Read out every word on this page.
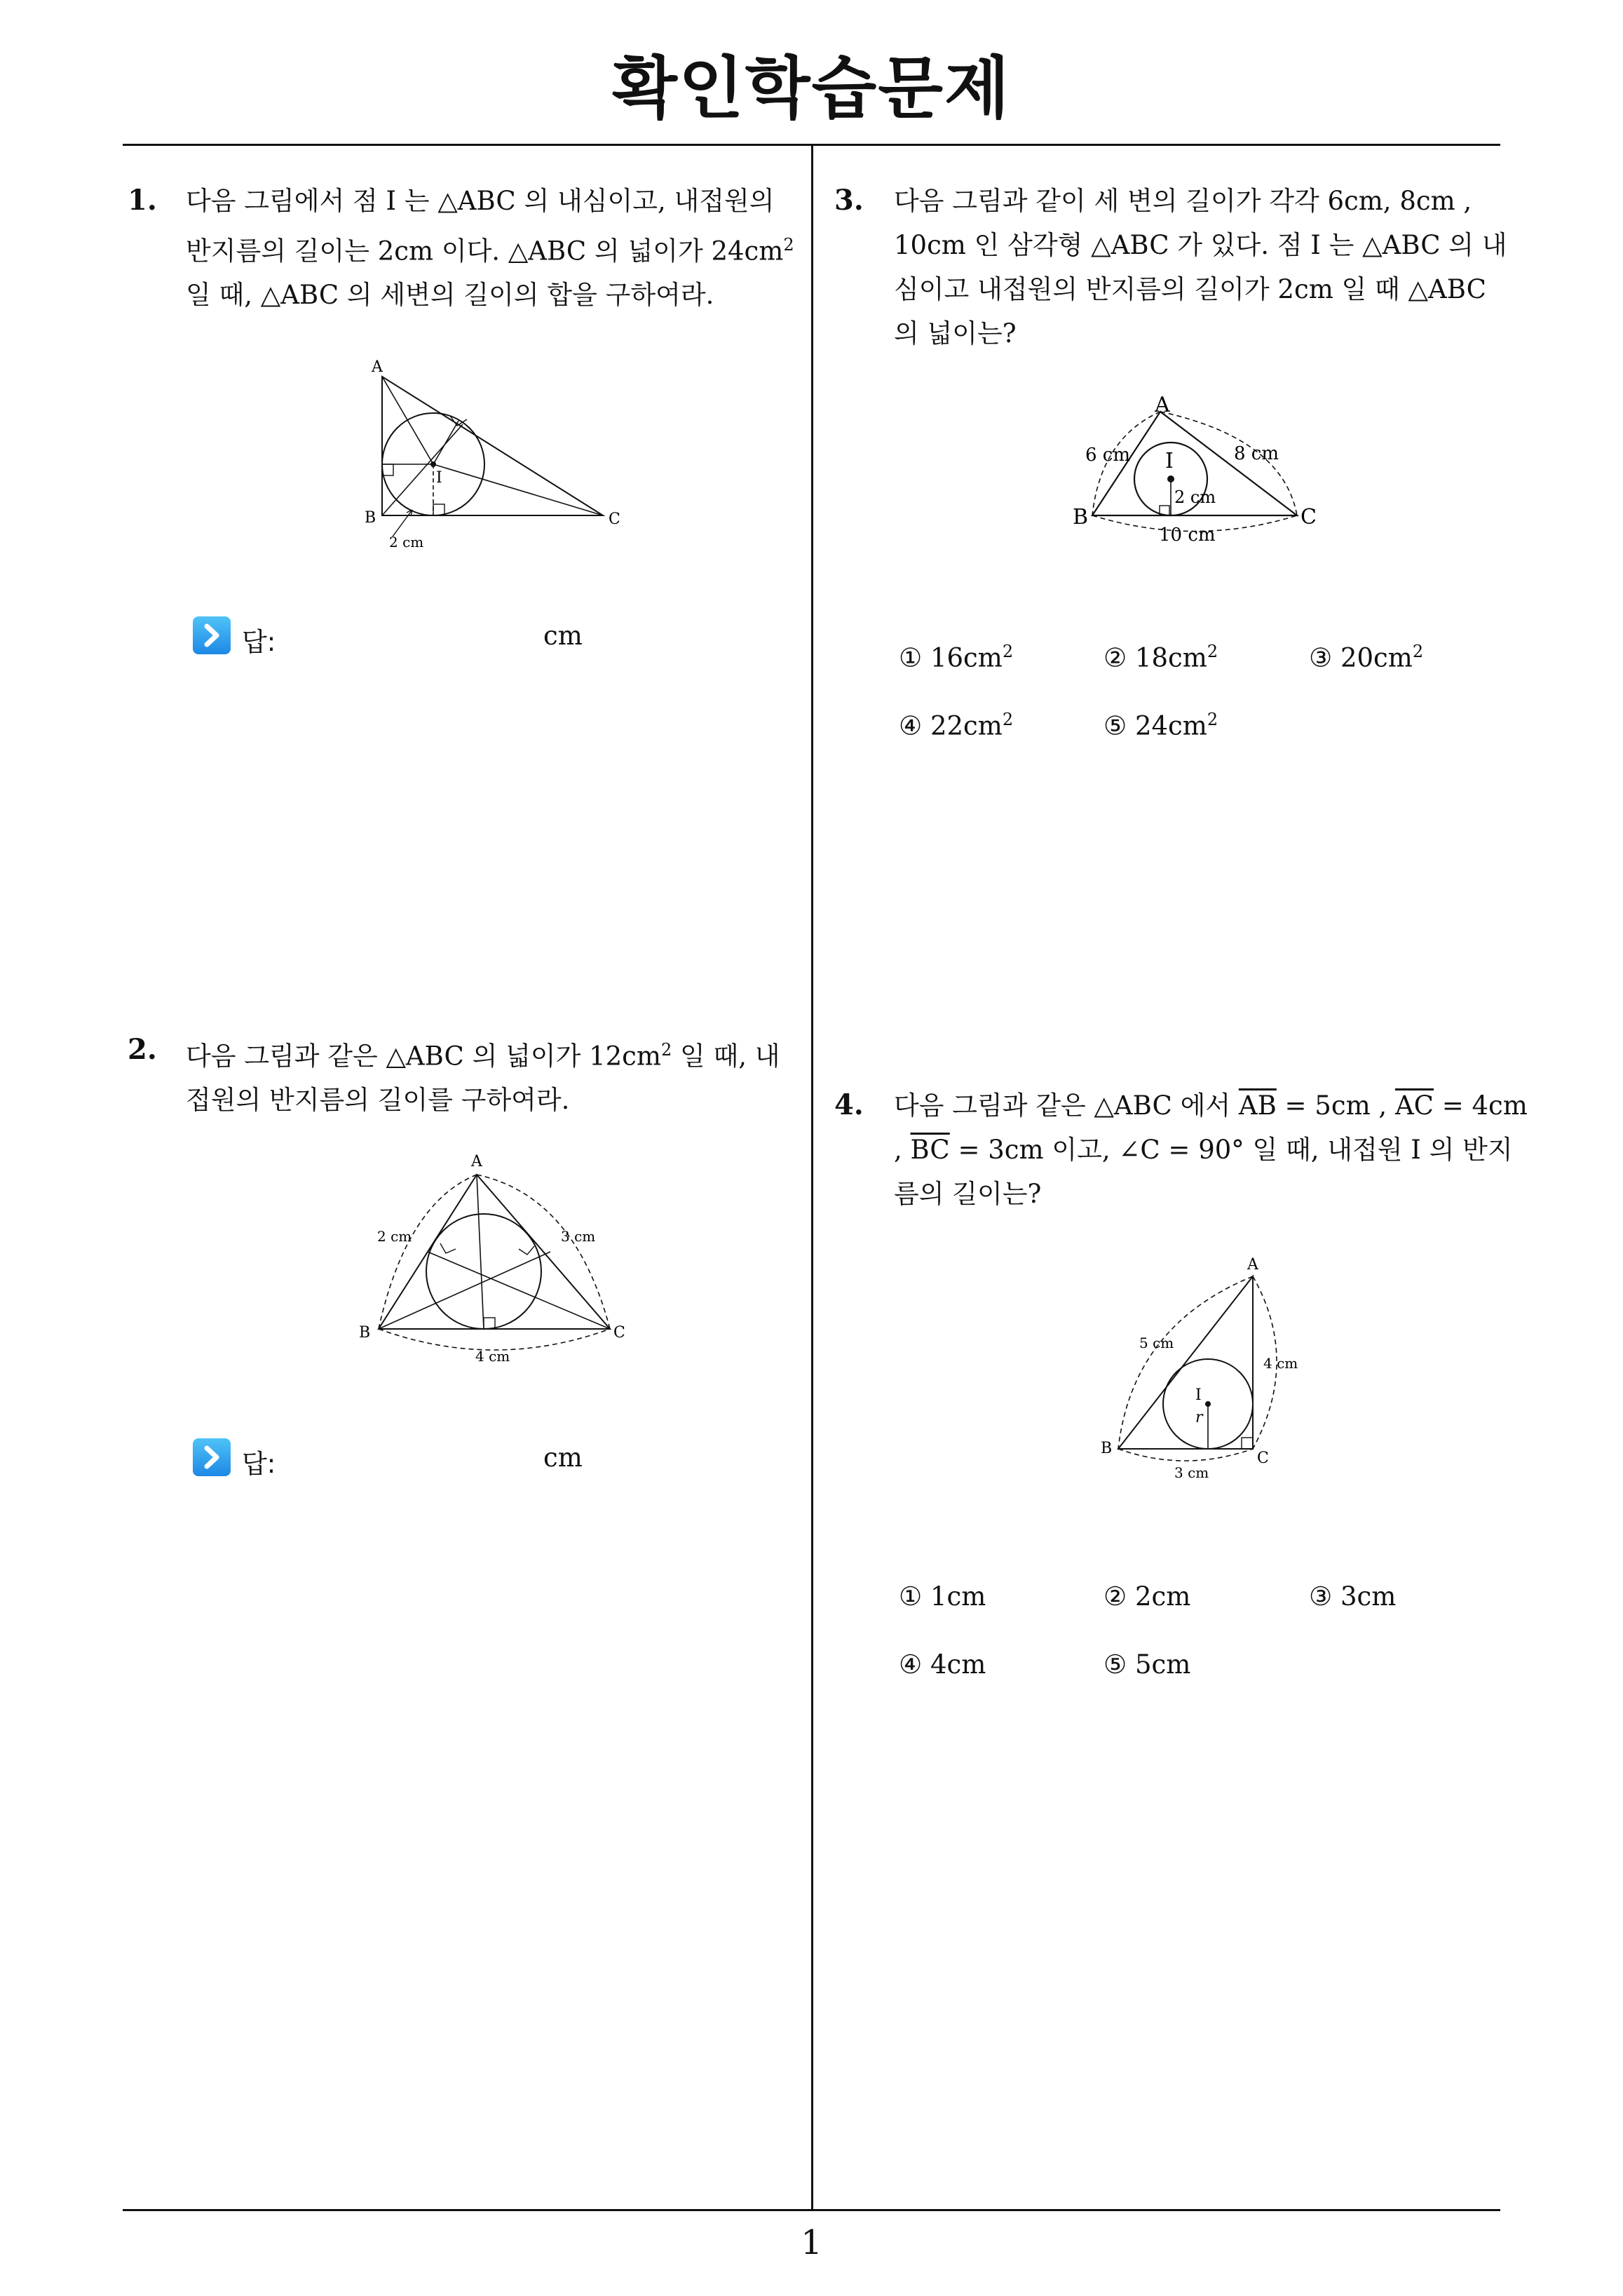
확인학습문제
1. 다음 그림에서 점 I 는 △ABC 의 내심이고, 내접원의

반지름의 길이는 2cm 이다. △ABC 의 넓이가 $24cm^2$

일 때, △ABC 의 세변의 길이의 합을 구하여라.

A
B	C
I
2 cm
답:	cm
2. 다음 그림과 같은 △ABC 의 넓이가 $12cm^2$ 일 때, 내

접원의 반지름의 길이를 구하여라.

A
B	C
2 cm	3 cm
4 cm
답:	cm
3. 다음 그림과 같이 세 변의 길이가 각각 6cm, 8cm ,

10cm 인 삼각형 △ABC 가 있다. 점 I 는 △ABC 의 내

심이고 내접원의 반지름의 길이가 2cm 일 때 △ABC

의 넓이는?

A
B	C
I
6 cm	8 cm
2 cm
10 cm
① $16cm^2$	② $18cm^2$	③ $20cm^2$
④ $22cm^2$	⑤ $24cm^2$
4. 다음 그림과 같은 △ABC 에서 $\overline{AB} = 5cm$ , $\overline{AC} = 4cm$

, $\overline{BC} = 3cm$ 이고, ∠C = 90° 일 때, 내접원 I 의 반지

름의 길이는?

A
B
C
I
r
5 cm
4 cm
3 cm
① 1cm	② 2cm	③ 3cm
④ 4cm	⑤ 5cm
1
